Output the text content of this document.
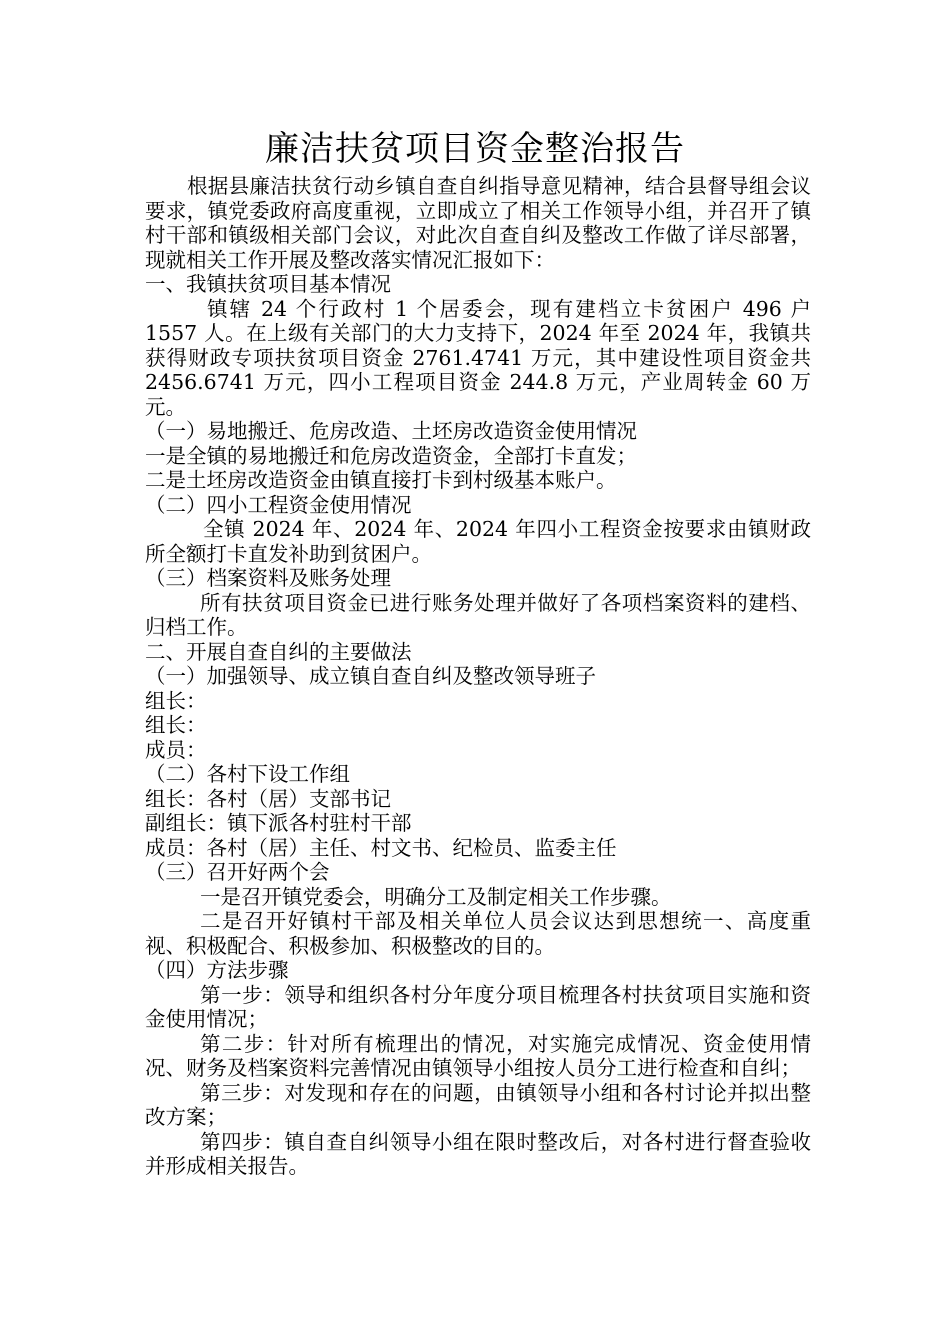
廉洁扶贫项目资金整治报告

根据县廉洁扶贫行动乡镇自查自纠指导意见精神，结合县督导组会议要求，镇党委政府高度重视，立即成立了相关工作领导小组，并召开了镇村干部和镇级相关部门会议，对此次自查自纠及整改工作做了详尽部署，现就相关工作开展及整改落实情况汇报如下：

一、我镇扶贫项目基本情况

镇辖 24 个行政村 1 个居委会，现有建档立卡贫困户 496 户 1557 人。在上级有关部门的大力支持下，2024 年至 2024 年，我镇共获得财政专项扶贫项目资金 2761.4741 万元，其中建设性项目资金共 2456.6741 万元，四小工程项目资金 244.8 万元，产业周转金 60 万元。

（一）易地搬迁、危房改造、土坯房改造资金使用情况

一是全镇的易地搬迁和危房改造资金，全部打卡直发；

二是土坯房改造资金由镇直接打卡到村级基本账户。

（二）四小工程资金使用情况

全镇 2024 年、2024 年、2024 年四小工程资金按要求由镇财政所全额打卡直发补助到贫困户。

（三）档案资料及账务处理

所有扶贫项目资金已进行账务处理并做好了各项档案资料的建档、归档工作。

二、开展自查自纠的主要做法

（一）加强领导、成立镇自查自纠及整改领导班子

组长：

组长：

成员：

（二）各村下设工作组

组长：各村（居）支部书记

副组长：镇下派各村驻村干部

成员：各村（居）主任、村文书、纪检员、监委主任

（三）召开好两个会

一是召开镇党委会，明确分工及制定相关工作步骤。

二是召开好镇村干部及相关单位人员会议达到思想统一、高度重视、积极配合、积极参加、积极整改的目的。

（四）方法步骤

第一步：领导和组织各村分年度分项目梳理各村扶贫项目实施和资金使用情况；

第二步：针对所有梳理出的情况，对实施完成情况、资金使用情况、财务及档案资料完善情况由镇领导小组按人员分工进行检查和自纠；

第三步：对发现和存在的问题，由镇领导小组和各村讨论并拟出整改方案；

第四步：镇自查自纠领导小组在限时整改后，对各村进行督查验收并形成相关报告。
